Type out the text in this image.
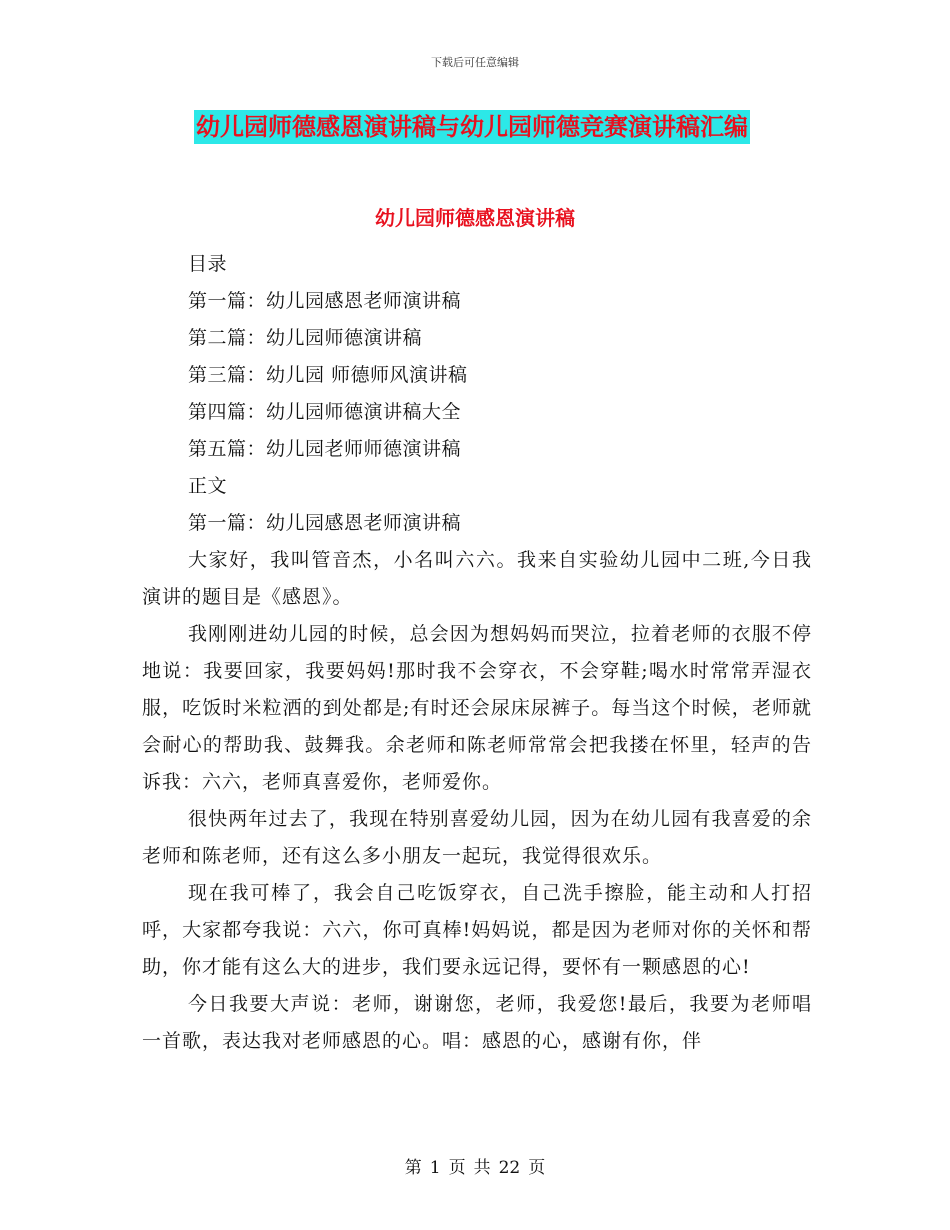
下载后可任意编辑
幼儿园师德感恩演讲稿与幼儿园师德竞赛演讲稿汇编
幼儿园师德感恩演讲稿

目录

第一篇：幼儿园感恩老师演讲稿

第二篇：幼儿园师德演讲稿

第三篇：幼儿园 师德师风演讲稿

第四篇：幼儿园师德演讲稿大全

第五篇：幼儿园老师师德演讲稿

正文

第一篇：幼儿园感恩老师演讲稿

大家好，我叫管音杰，小名叫六六。我来自实验幼儿园中二班,今日我演讲的题目是《感恩》。

我刚刚进幼儿园的时候，总会因为想妈妈而哭泣，拉着老师的衣服不停地说：我要回家，我要妈妈!那时我不会穿衣，不会穿鞋;喝水时常常弄湿衣服，吃饭时米粒洒的到处都是;有时还会尿床尿裤子。每当这个时候，老师就会耐心的帮助我、鼓舞我。余老师和陈老师常常会把我搂在怀里，轻声的告诉我：六六，老师真喜爱你，老师爱你。

很快两年过去了，我现在特别喜爱幼儿园，因为在幼儿园有我喜爱的余老师和陈老师，还有这么多小朋友一起玩，我觉得很欢乐。

现在我可棒了，我会自己吃饭穿衣，自己洗手擦脸，能主动和人打招呼，大家都夸我说：六六，你可真棒!妈妈说，都是因为老师对你的关怀和帮助，你才能有这么大的进步，我们要永远记得，要怀有一颗感恩的心!

今日我要大声说：老师，谢谢您，老师，我爱您!最后，我要为老师唱一首歌，表达我对老师感恩的心。唱：感恩的心，感谢有你，伴

第 1 页 共 22 页
